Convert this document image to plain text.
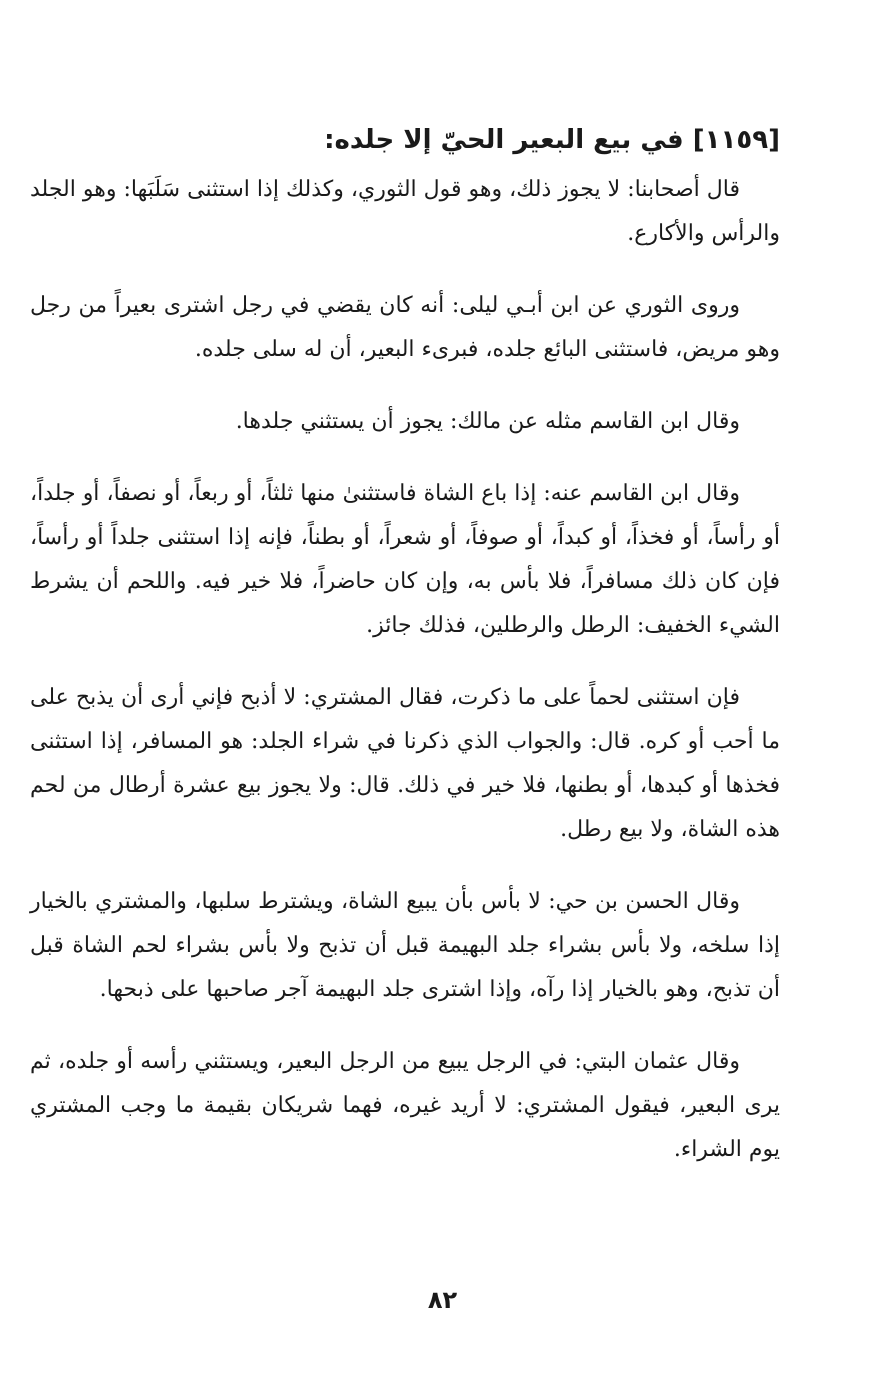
[١١٥٩] في بيع البعير الحيّ إلا جلده:

قال أصحابنا: لا يجوز ذلك، وهو قول الثوري، وكذلك إذا استثنى سَلَبَها: وهو الجلد والرأس والأكارع.

وروى الثوري عن ابن أبـي ليلى: أنه كان يقضي في رجل اشترى بعيراً من رجل وهو مريض، فاستثنى البائع جلده، فبرىء البعير، أن له سلى جلده.

وقال ابن القاسم مثله عن مالك: يجوز أن يستثني جلدها.

وقال ابن القاسم عنه: إذا باع الشاة فاستثنىٰ منها ثلثاً، أو ربعاً، أو نصفاً، أو جلداً، أو رأساً، أو فخذاً، أو كبداً، أو صوفاً، أو شعراً، أو بطناً، فإنه إذا استثنى جلداً أو رأساً، فإن كان ذلك مسافراً، فلا بأس به، وإن كان حاضراً، فلا خير فيه. واللحم أن يشرط الشيء الخفيف: الرطل والرطلين، فذلك جائز.

فإن استثنى لحماً على ما ذكرت، فقال المشتري: لا أذبح فإني أرى أن يذبح على ما أحب أو كره. قال: والجواب الذي ذكرنا في شراء الجلد: هو المسافر، إذا استثنى فخذها أو كبدها، أو بطنها، فلا خير في ذلك. قال: ولا يجوز بيع عشرة أرطال من لحم هذه الشاة، ولا بيع رطل.

وقال الحسن بن حي: لا بأس بأن يبيع الشاة، ويشترط سلبها، والمشتري بالخيار إذا سلخه، ولا بأس بشراء جلد البهيمة قبل أن تذبح ولا بأس بشراء لحم الشاة قبل أن تذبح، وهو بالخيار إذا رآه، وإذا اشترى جلد البهيمة آجر صاحبها على ذبحها.

وقال عثمان البتي: في الرجل يبيع من الرجل البعير، ويستثني رأسه أو جلده، ثم يرى البعير، فيقول المشتري: لا أريد غيره، فهما شريكان بقيمة ما وجب المشتري يوم الشراء.

٨٢
